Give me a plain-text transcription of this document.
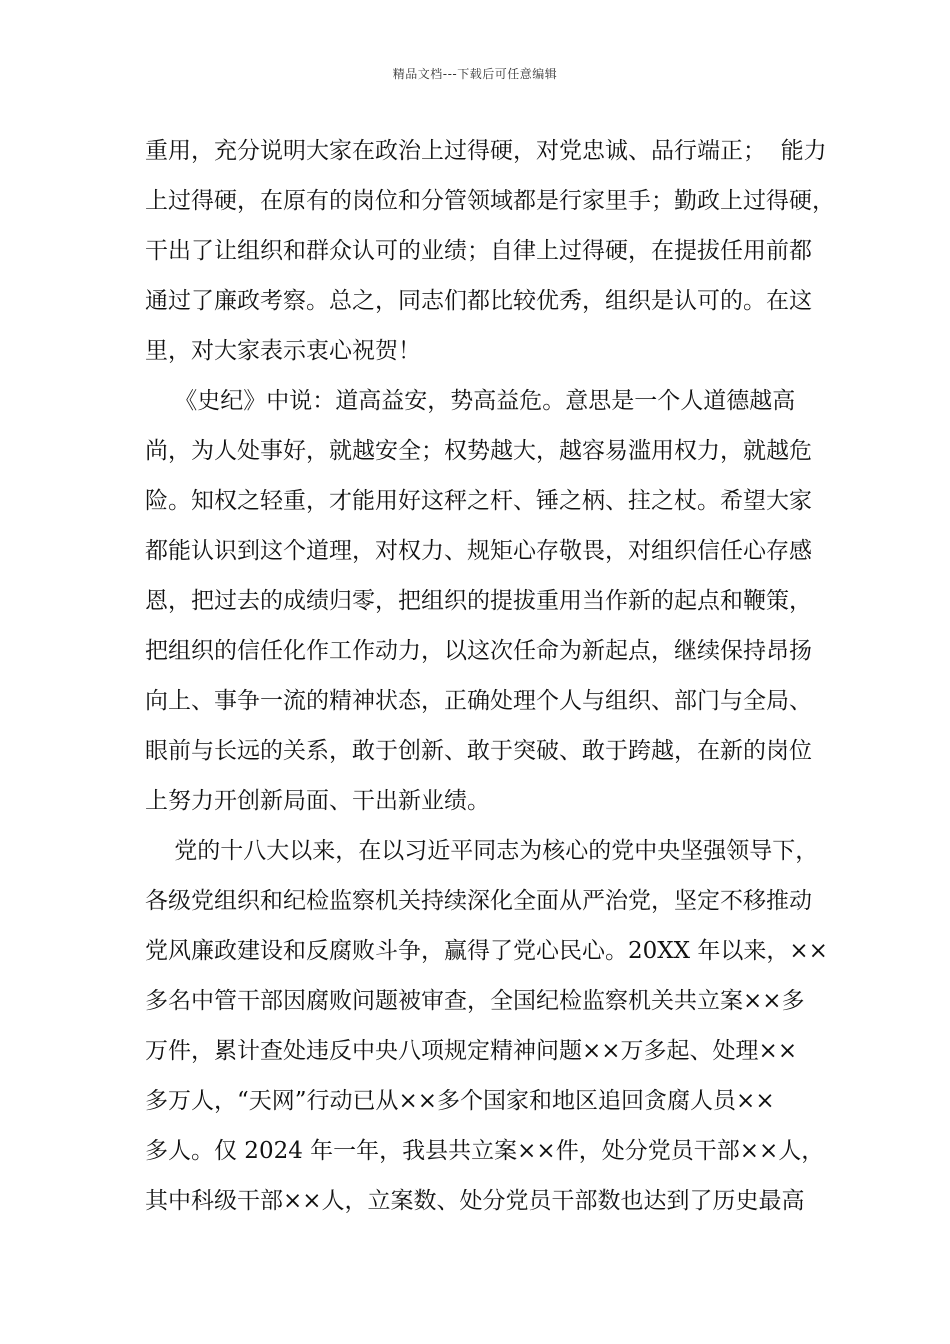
精品文档---下载后可任意编辑
重用，充分说明大家在政治上过得硬，对党忠诚、品行端正；  能力
上过得硬，在原有的岗位和分管领域都是行家里手；勤政上过得硬，
干出了让组织和群众认可的业绩；自律上过得硬，在提拔任用前都
通过了廉政考察。总之，同志们都比较优秀，组织是认可的。在这
里，对大家表示衷心祝贺！
《史纪》中说：道高益安，势高益危。意思是一个人道德越高
尚，为人处事好，就越安全；权势越大，越容易滥用权力，就越危
险。知权之轻重，才能用好这秤之杆、锤之柄、拄之杖。希望大家
都能认识到这个道理，对权力、规矩心存敬畏，对组织信任心存感
恩，把过去的成绩归零，把组织的提拔重用当作新的起点和鞭策，
把组织的信任化作工作动力，以这次任命为新起点，继续保持昂扬
向上、事争一流的精神状态，正确处理个人与组织、部门与全局、
眼前与长远的关系，敢于创新、敢于突破、敢于跨越，在新的岗位
上努力开创新局面、干出新业绩。
党的十八大以来，在以习近平同志为核心的党中央坚强领导下，
各级党组织和纪检监察机关持续深化全面从严治党，坚定不移推动
党风廉政建设和反腐败斗争，赢得了党心民心。20XX 年以来，××
多名中管干部因腐败问题被审查，全国纪检监察机关共立案××多
万件，累计查处违反中央八项规定精神问题××万多起、处理××
多万人，“天网”行动已从××多个国家和地区追回贪腐人员××
多人。仅 2024 年一年，我县共立案××件，处分党员干部××人，
其中科级干部××人，立案数、处分党员干部数也达到了历史最高
